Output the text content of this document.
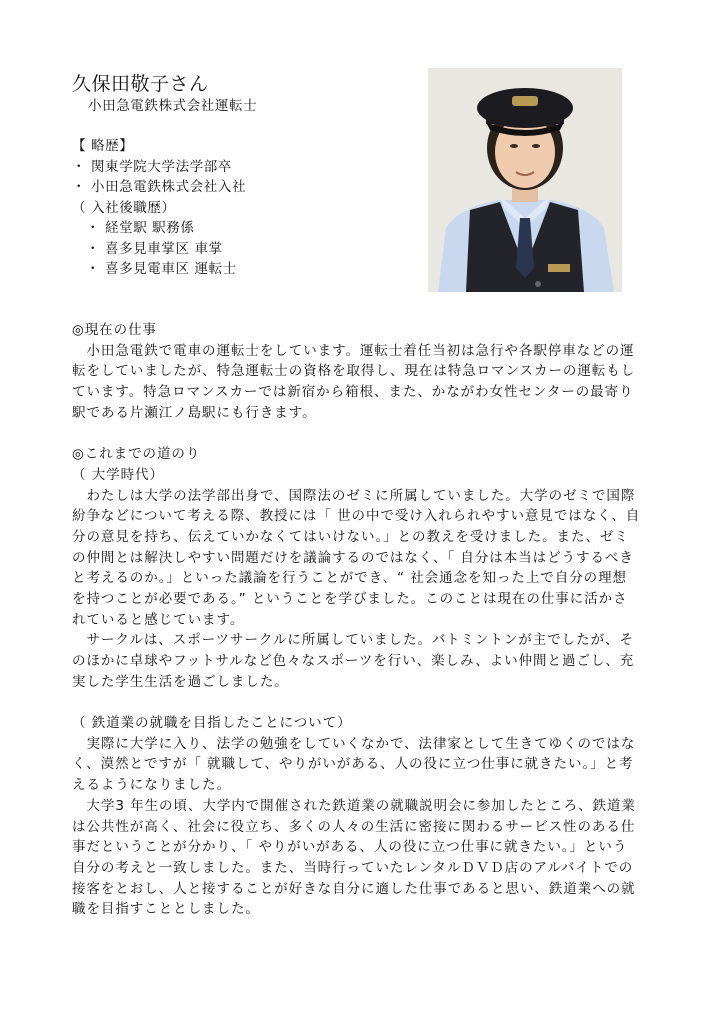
久保田敬子さん
小田急電鉄株式会社運転士
【 略歴】
・ 関東学院大学法学部卒
・ 小田急電鉄株式会社入社
（ 入社後職歴）
・ 経堂駅 駅務係
・ 喜多見車掌区 車掌
・ 喜多見電車区 運転士
◎現在の仕事
　小田急電鉄で電車の運転士をしています。運転士着任当初は急行や各駅停車などの運
転をしていましたが、特急運転士の資格を取得し、現在は特急ロマンスカーの運転もし
ています。特急ロマンスカーでは新宿から箱根、また、かながわ女性センターの最寄り
駅である片瀬江ノ島駅にも行きます。
◎これまでの道のり
（ 大学時代）
　わたしは大学の法学部出身で、国際法のゼミに所属していました。大学のゼミで国際
紛争などについて考える際、教授には「 世の中で受け入れられやすい意見ではなく、自
分の意見を持ち、伝えていかなくてはいけない。」との教えを受けました。また、ゼミ
の仲間とは解決しやすい問題だけを議論するのではなく、「 自分は本当はどうするべき
と考えるのか。」といった議論を行うことができ、“ 社会通念を知った上で自分の理想
を持つことが必要である。” ということを学びました。このことは現在の仕事に活かさ
れていると感じています。
　サークルは、スポーツサークルに所属していました。バトミントンが主でしたが、そ
のほかに卓球やフットサルなど色々なスポーツを行い、楽しみ、よい仲間と過ごし、充
実した学生生活を過ごしました。
（ 鉄道業の就職を目指したことについて）
　実際に大学に入り、法学の勉強をしていくなかで、法律家として生きてゆくのではな
く、漠然とですが「 就職して、やりがいがある、人の役に立つ仕事に就きたい。」と考
えるようになりました。
　大学3 年生の頃、大学内で開催された鉄道業の就職説明会に参加したところ、鉄道業
は公共性が高く、社会に役立ち、多くの人々の生活に密接に関わるサービス性のある仕
事だということが分かり、「 やりがいがある、人の役に立つ仕事に就きたい。」という
自分の考えと一致しました。また、当時行っていたレンタルＤＶＤ店のアルバイトでの
接客をとおし、人と接することが好きな自分に適した仕事であると思い、鉄道業への就
職を目指すこととしました。
